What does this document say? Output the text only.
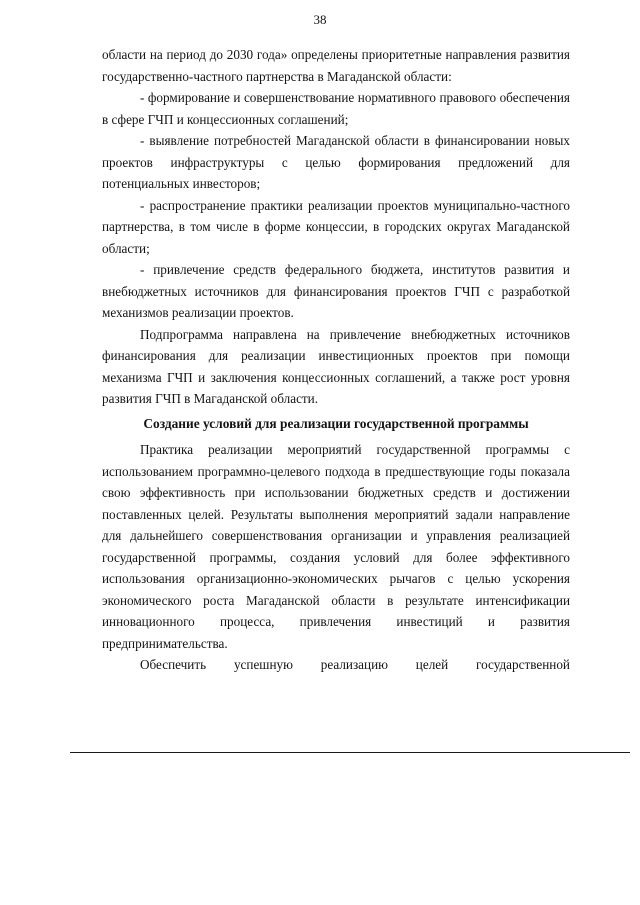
38

области на период до 2030 года» определены приоритетные направления развития государственно-частного партнерства в Магаданской области:

- формирование и совершенствование нормативного правового обеспечения в сфере ГЧП и концессионных соглашений;

- выявление потребностей Магаданской области в финансировании новых проектов инфраструктуры с целью формирования предложений для потенциальных инвесторов;

- распространение практики реализации проектов муниципально-частного партнерства, в том числе в форме концессии, в городских округах Магаданской области;

- привлечение средств федерального бюджета, институтов развития и внебюджетных источников для финансирования проектов ГЧП с разработкой механизмов реализации проектов.

Подпрограмма направлена на привлечение внебюджетных источников финансирования для реализации инвестиционных проектов при помощи механизма ГЧП и заключения концессионных соглашений, а также рост уровня развития ГЧП в Магаданской области.

Создание условий для реализации государственной программы

Практика реализации мероприятий государственной программы с использованием программно-целевого подхода в предшествующие годы показала свою эффективность при использовании бюджетных средств и достижении поставленных целей. Результаты выполнения мероприятий задали направление для дальнейшего совершенствования организации и управления реализацией государственной программы, создания условий для более эффективного использования организационно-экономических рычагов с целью ускорения экономического роста Магаданской области в результате интенсификации инновационного процесса, привлечения инвестиций и развития предпринимательства.

Обеспечить успешную реализацию целей государственной
